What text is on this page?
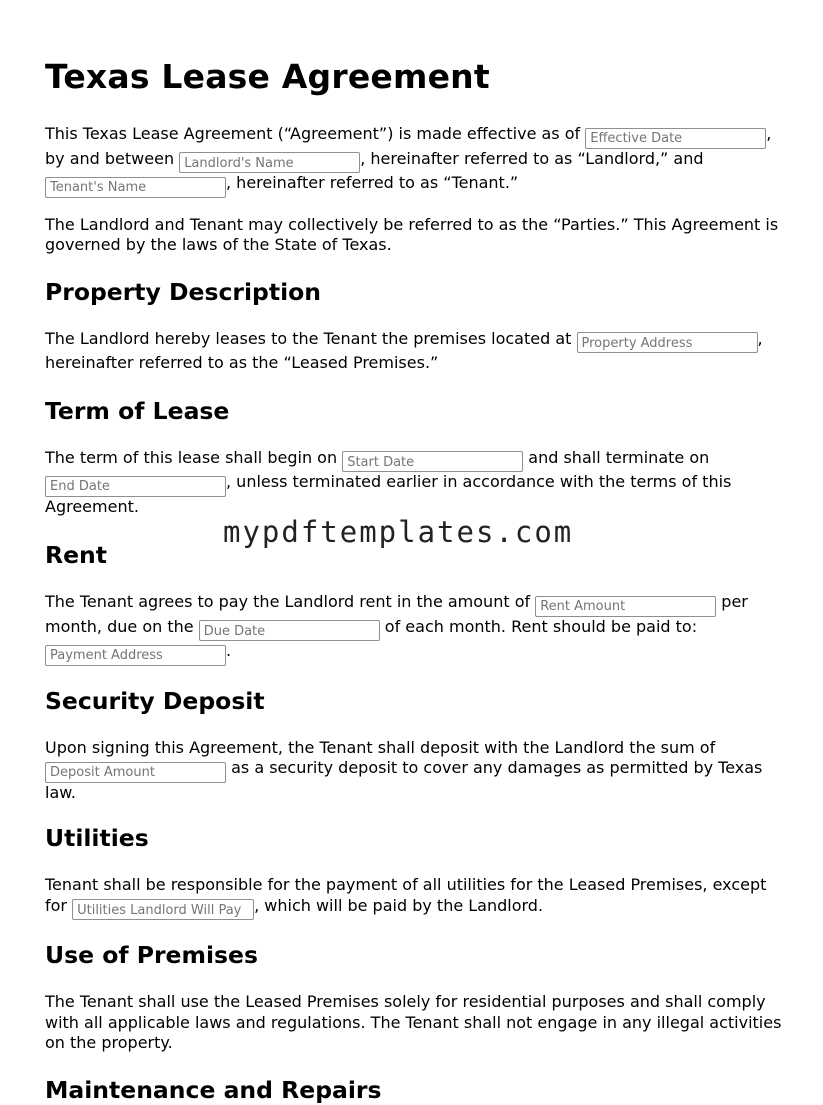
Texas Lease Agreement

This Texas Lease Agreement (“Agreement”) is made effective as of Effective Date	,
by and between Landlord's Name	, hereinafter referred to as “Landlord,” and
Tenant's Name, hereinafter referred to as “Tenant.”

The Landlord and Tenant may collectively be referred to as the “Parties.” This Agreement is governed by the laws of the State of Texas.

Property Description

The Landlord hereby leases to the Tenant the premises located at Property Address	,
hereinafter referred to as the “Leased Premises.”

Term of Lease

The term of this lease shall begin on Start Date	and shall terminate on
End Date, unless terminated earlier in accordance with the terms of this Agreement.

Rent

The Tenant agrees to pay the Landlord rent in the amount of Rent Amount	per
month, due on the Due Date	of each month. Rent should be paid to:
Payment Address.

Security Deposit

Upon signing this Agreement, the Tenant shall deposit with the Landlord the sum of
Deposit Amount as a security deposit to cover any damages as permitted by Texas law.

Utilities

Tenant shall be responsible for the payment of all utilities for the Leased Premises, except for Utilities Landlord Will Pay	, which will be paid by the Landlord.

Use of Premises

The Tenant shall use the Leased Premises solely for residential purposes and shall comply with all applicable laws and regulations. The Tenant shall not engage in any illegal activities on the property.

Maintenance and Repairs
mypdftemplates.com
